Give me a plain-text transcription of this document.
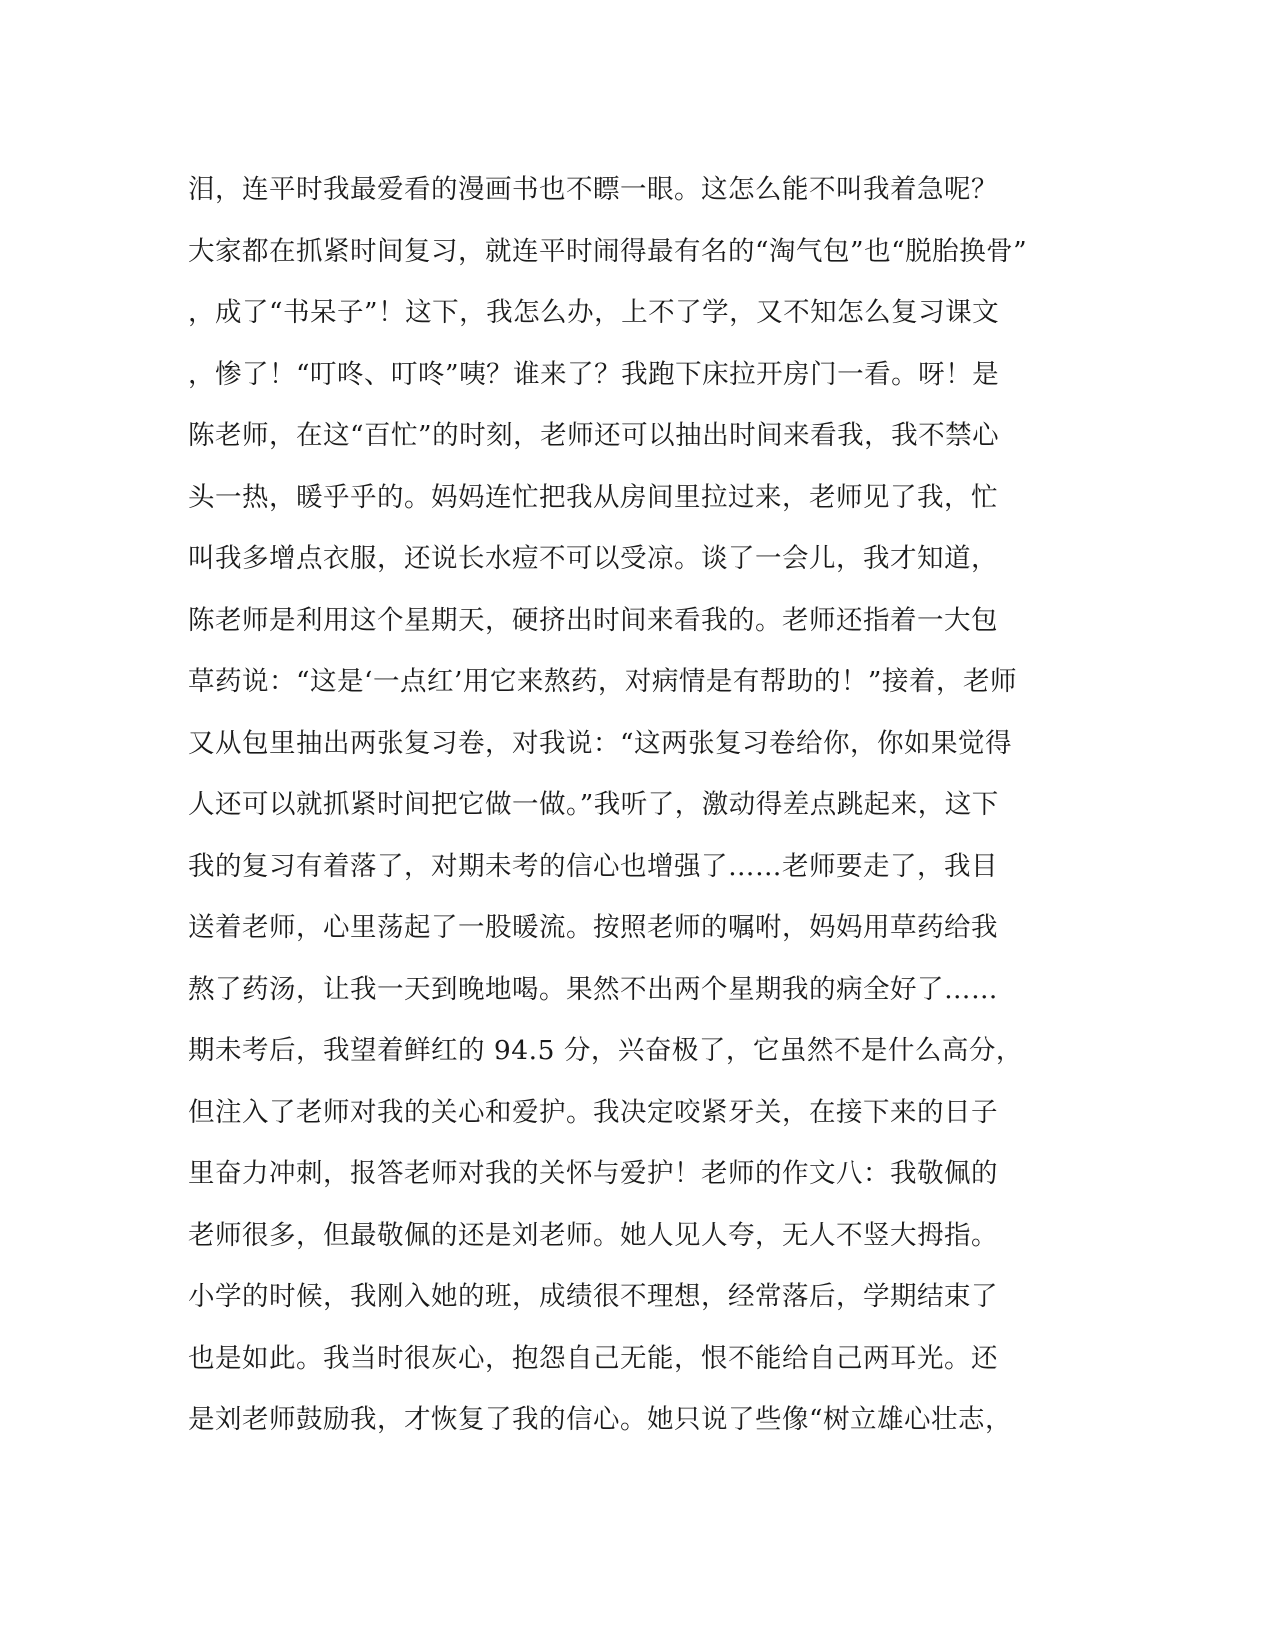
泪，连平时我最爱看的漫画书也不瞟一眼。这怎么能不叫我着急呢？
大家都在抓紧时间复习，就连平时闹得最有名的“淘气包”也“脱胎换骨”
，成了“书呆子”！这下，我怎么办，上不了学，又不知怎么复习课文
，惨了！“叮咚、叮咚”咦？谁来了？我跑下床拉开房门一看。呀！是
陈老师，在这“百忙”的时刻，老师还可以抽出时间来看我，我不禁心
头一热，暖乎乎的。妈妈连忙把我从房间里拉过来，老师见了我，忙
叫我多增点衣服，还说长水痘不可以受凉。谈了一会儿，我才知道，
陈老师是利用这个星期天，硬挤出时间来看我的。老师还指着一大包
草药说：“这是‘一点红’用它来熬药，对病情是有帮助的！”接着，老师
又从包里抽出两张复习卷，对我说：“这两张复习卷给你，你如果觉得
人还可以就抓紧时间把它做一做。”我听了，激动得差点跳起来，这下
我的复习有着落了，对期未考的信心也增强了……老师要走了，我目
送着老师，心里荡起了一股暖流。按照老师的嘱咐，妈妈用草药给我
熬了药汤，让我一天到晚地喝。果然不出两个星期我的病全好了……
期未考后，我望着鲜红的 94.5 分，兴奋极了，它虽然不是什么高分，
但注入了老师对我的关心和爱护。我决定咬紧牙关，在接下来的日子
里奋力冲刺，报答老师对我的关怀与爱护！老师的作文八：我敬佩的
老师很多，但最敬佩的还是刘老师。她人见人夸，无人不竖大拇指。
小学的时候，我刚入她的班，成绩很不理想，经常落后，学期结束了
也是如此。我当时很灰心，抱怨自己无能，恨不能给自己两耳光。还
是刘老师鼓励我，才恢复了我的信心。她只说了些像“树立雄心壮志，
